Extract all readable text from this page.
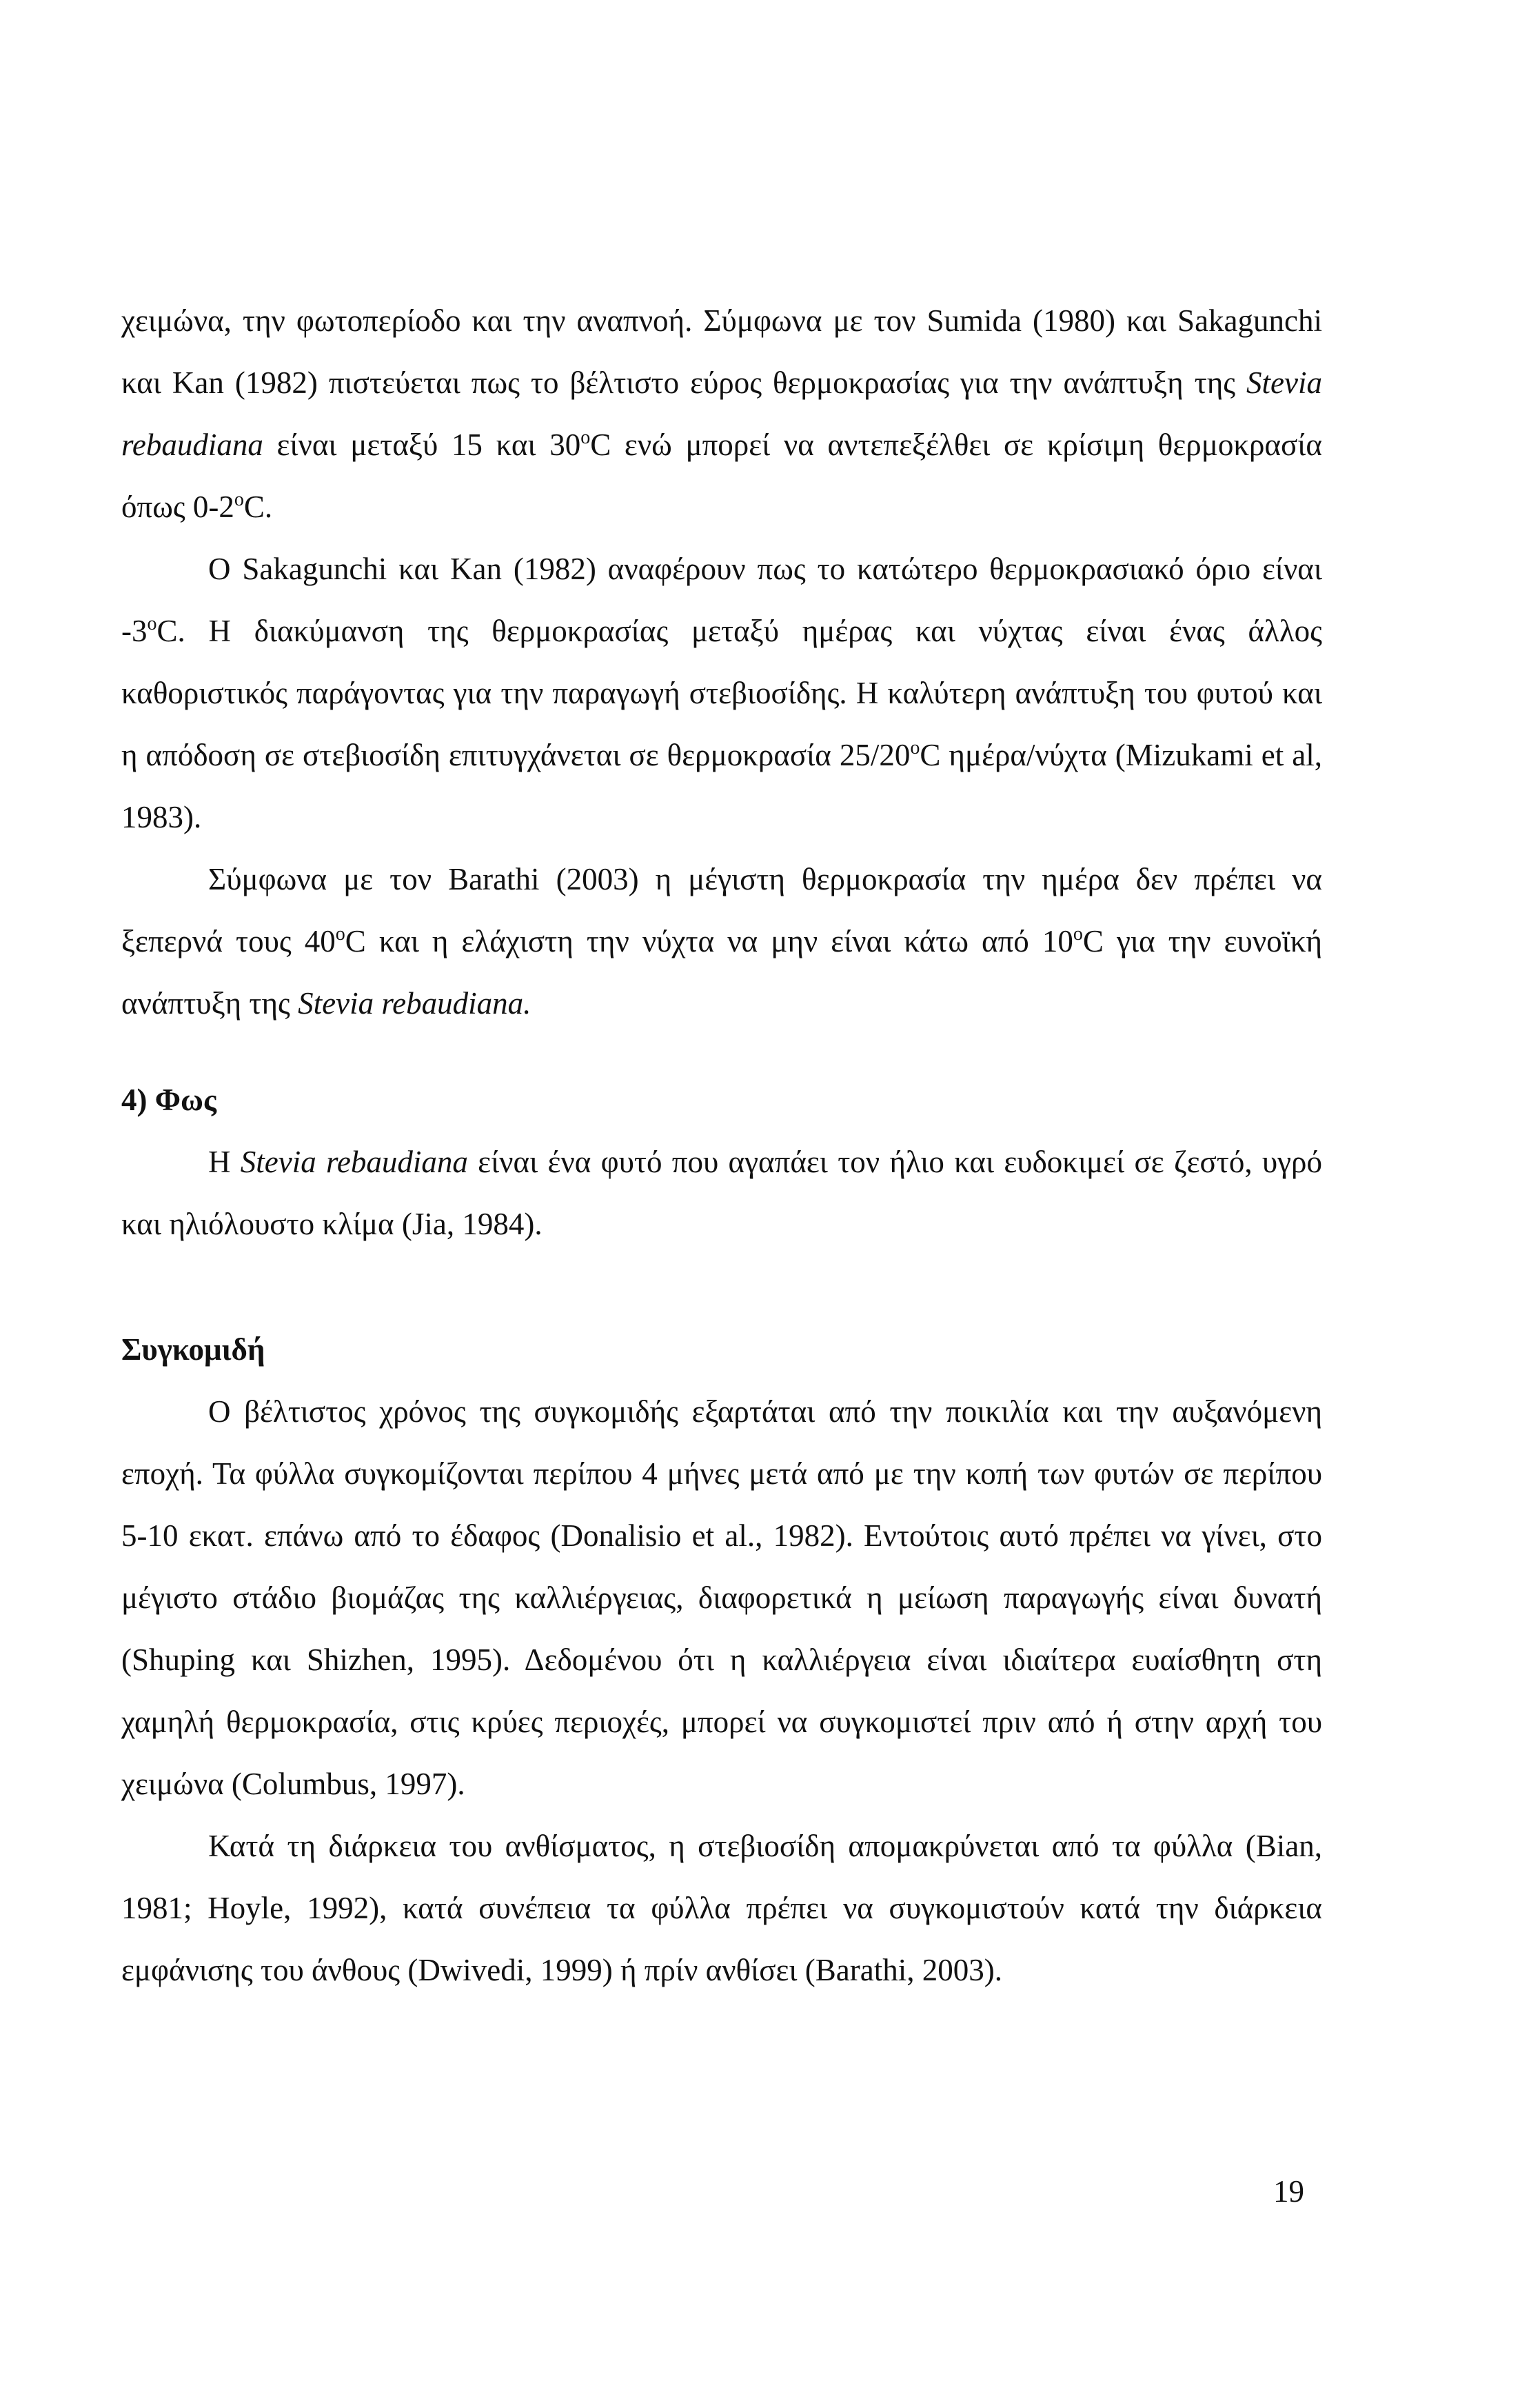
χειμώνα, την φωτοπερίοδο και την αναπνοή. Σύμφωνα με τον Sumida (1980) και Sakagunchi και Kan (1982) πιστεύεται πως το βέλτιστο εύρος θερμοκρασίας για την ανάπτυξη της Stevia rebaudiana είναι μεταξύ 15 και 30$^o$C ενώ μπορεί να αντεπεξέλθει σε κρίσιμη θερμοκρασία όπως 0-2$^o$C.

Ο Sakagunchi και Kan (1982) αναφέρουν πως το κατώτερο θερμοκρασιακό όριο είναι -3$^o$C. Η διακύμανση της θερμοκρασίας μεταξύ ημέρας και νύχτας είναι ένας άλλος καθοριστικός παράγοντας για την παραγωγή στεβιοσίδης. Η καλύτερη ανάπτυξη του φυτού και η απόδοση σε στεβιοσίδη επιτυγχάνεται σε θερμοκρασία 25/20$^o$C ημέρα/νύχτα (Mizukami et al, 1983).

Σύμφωνα με τον Barathi (2003) η μέγιστη θερμοκρασία την ημέρα δεν πρέπει να ξεπερνά τους 40$^o$C και η ελάχιστη την νύχτα να μην είναι κάτω από 10$^o$C για την ευνοϊκή ανάπτυξη της Stevia rebaudiana.

4) Φως

Η Stevia rebaudiana είναι ένα φυτό που αγαπάει τον ήλιο και ευδοκιμεί σε ζεστό, υγρό και ηλιόλουστο κλίμα (Jia, 1984).

Συγκομιδή

Ο βέλτιστος χρόνος της συγκομιδής εξαρτάται από την ποικιλία και την αυξανόμενη εποχή. Τα φύλλα συγκομίζονται περίπου 4 μήνες μετά από με την κοπή των φυτών σε περίπου 5-10 εκατ. επάνω από το έδαφος (Donalisio et al., 1982). Εντούτοις αυτό πρέπει να γίνει, στο μέγιστο στάδιο βιομάζας της καλλιέργειας, διαφορετικά η μείωση παραγωγής είναι δυνατή (Shuping και Shizhen, 1995). Δεδομένου ότι η καλλιέργεια είναι ιδιαίτερα ευαίσθητη στη χαμηλή θερμοκρασία, στις κρύες περιοχές, μπορεί να συγκομιστεί πριν από ή στην αρχή του χειμώνα (Columbus, 1997).

Κατά τη διάρκεια του ανθίσματος, η στεβιοσίδη απομακρύνεται από τα φύλλα (Bian, 1981; Hoyle, 1992), κατά συνέπεια τα φύλλα πρέπει να συγκομιστούν κατά την διάρκεια εμφάνισης του άνθους (Dwivedi, 1999) ή πρίν ανθίσει (Barathi, 2003).

19
